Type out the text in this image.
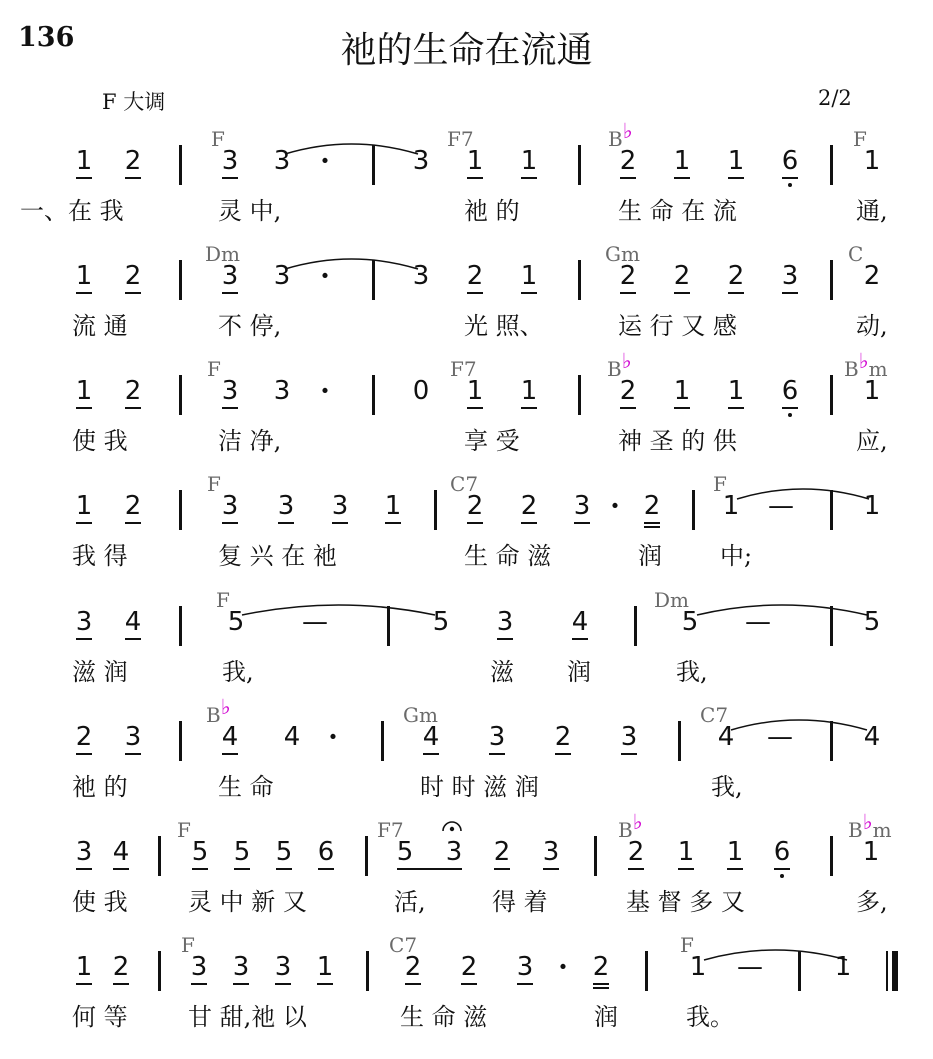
136	祂的生命在流通
F 大调	2/2
F	F7	B♭	F
1 2	3 3	3 1 1	2 1 1 6	1
·
一、在 我	灵 中,	祂 的	生 命 在 流	通,
Dm	Gm	C
1 2	3 3	3 2 1	2 2 2 3	2
·
流 通	不 停,	光 照、	运 行 又 感	动,
F	F7	B♭	B♭m
1 2	3 3	0 1 1	2 1 1 6	1
·
使 我	洁 净,	享 受	神 圣 的 供	应,
F	C7	F
1 2	3 3 3 1	2 2 3 2 1	1
·	—
我 得	复 兴 在 祂	生 命 滋	润 中;
F	Dm
3 4	5	5 3 4	5	5
—	—
滋 润	我,	滋 润	我,
B♭	Gm	C7
2 3	4 4	4 3 2 3	4	4
·	—
祂 的	生 命	时 时 滋 润	我,
F	F7	B♭	B♭m
3 4 5 5 5 6 5 3 2 3	2 1 1 6	1
使 我	灵 中 新 又	活,	得 着	基 督 多 又	多,
F	C7	F
1 2 3 3 3 1	2 2 3 2	1	1
·	—
何 等	甘 甜,祂 以	生 命 滋	润	我。
